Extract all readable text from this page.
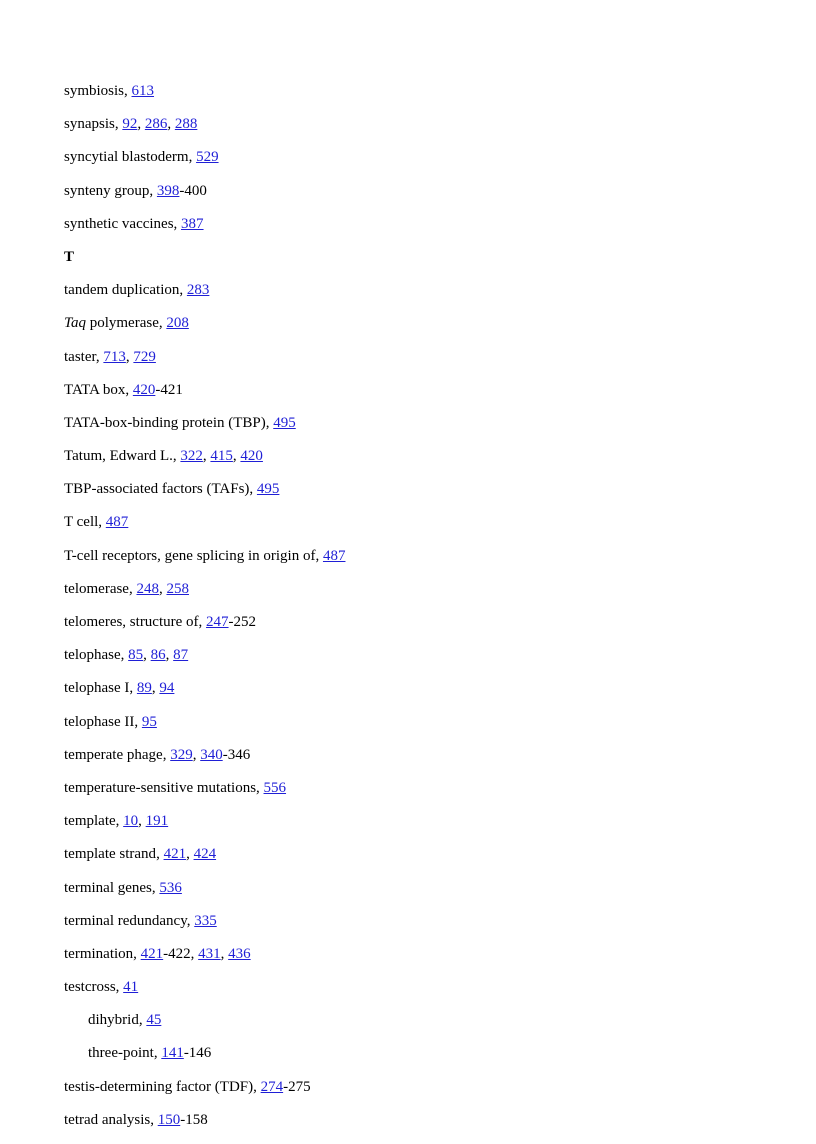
symbiosis, 613
synapsis, 92, 286, 288
syncytial blastoderm, 529
synteny group, 398-400
synthetic vaccines, 387
T
tandem duplication, 283
Taq polymerase, 208
taster, 713, 729
TATA box, 420-421
TATA-box-binding protein (TBP), 495
Tatum, Edward L., 322, 415, 420
TBP-associated factors (TAFs), 495
T cell, 487
T-cell receptors, gene splicing in origin of, 487
telomerase, 248, 258
telomeres, structure of, 247-252
telophase, 85, 86, 87
telophase I, 89, 94
telophase II, 95
temperate phage, 329, 340-346
temperature-sensitive mutations, 556
template, 10, 191
template strand, 421, 424
terminal genes, 536
terminal redundancy, 335
termination, 421-422, 431, 436
testcross, 41
dihybrid, 45
three-point, 141-146
testis-determining factor (TDF), 274-275
tetrad analysis, 150-158
